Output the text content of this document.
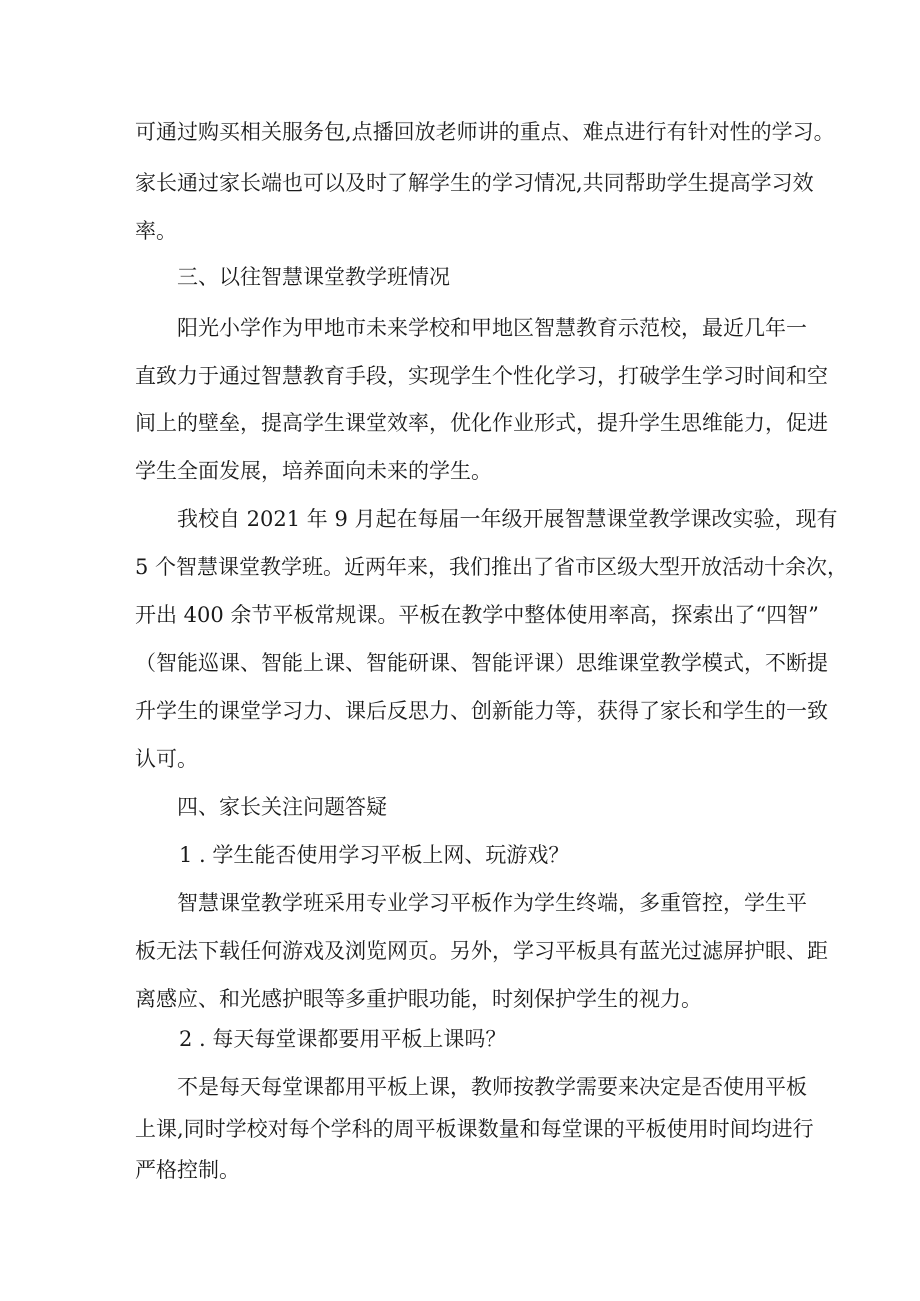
可通过购买相关服务包,点播回放老师讲的重点、难点进行有针对性的学习。
家长通过家长端也可以及时了解学生的学习情况,共同帮助学生提高学习效
率。
三、以往智慧课堂教学班情况
阳光小学作为甲地市未来学校和甲地区智慧教育示范校，最近几年一
直致力于通过智慧教育手段，实现学生个性化学习，打破学生学习时间和空
间上的壁垒，提高学生课堂效率，优化作业形式，提升学生思维能力，促进
学生全面发展，培养面向未来的学生。
我校自 2021 年 9 月起在每届一年级开展智慧课堂教学课改实验，现有
5 个智慧课堂教学班。近两年来，我们推出了省市区级大型开放活动十余次，
开出 400 余节平板常规课。平板在教学中整体使用率高，探索出了“四智”
（智能巡课、智能上课、智能研课、智能评课）思维课堂教学模式，不断提
升学生的课堂学习力、课后反思力、创新能力等，获得了家长和学生的一致
认可。
四、家长关注问题答疑
1 . 学生能否使用学习平板上网、玩游戏？
智慧课堂教学班采用专业学习平板作为学生终端，多重管控，学生平
板无法下载任何游戏及浏览网页。另外，学习平板具有蓝光过滤屏护眼、距
离感应、和光感护眼等多重护眼功能，时刻保护学生的视力。
2 . 每天每堂课都要用平板上课吗？
不是每天每堂课都用平板上课，教师按教学需要来决定是否使用平板
上课,同时学校对每个学科的周平板课数量和每堂课的平板使用时间均进行
严格控制。
